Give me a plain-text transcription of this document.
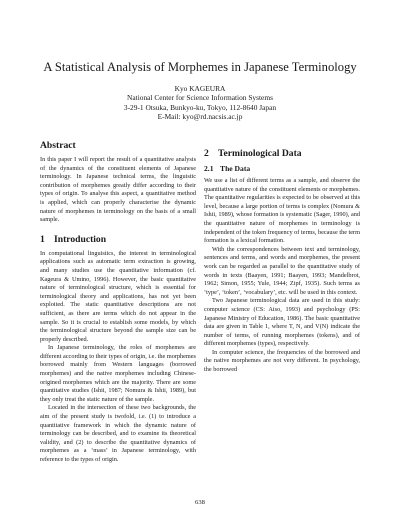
A Statistical Analysis of Morphemes in Japanese Terminology
Kyo KAGEURA
National Center for Science Information Systems
3-29-1 Otsuka, Bunkyo-ku, Tokyo, 112-8640 Japan
E-Mail: kyo@rd.nacsis.ac.jp
Abstract

In this paper I will report the result of a quantitative analysis of the dynamics of the constituent elements of Japanese terminology. In Japanese technical terms, the linguistic contribution of morphemes greatly differ according to their types of origin. To analyse this aspect, a quantitative method is applied, which can properly characterise the dynamic nature of morphemes in terminology on the basis of a small sample.

1 Introduction

In computational linguistics, the interest in terminological applications such as automatic term extraction is growing, and many studies use the quantitative information (cf. Kageura & Umino, 1996). However, the basic quantitative nature of terminological structure, which is essential for terminological theory and applications, has not yet been exploited. The static quantitative descriptions are not sufficient, as there are terms which do not appear in the sample. So it is crucial to establish some models, by which the terminological structure beyond the sample size can be properly described.

In Japanese terminology, the roles of morphemes are different according to their types of origin, i.e. the morphemes borrowed mainly from Western languages (borrowed morphemes) and the native morphemes including Chinese-origined morphemes which are the majority. There are some quantitative studies (Ishii, 1987; Nomura & Ishii, 1989), but they only treat the static nature of the sample.

Located in the intersection of these two backgrounds, the aim of the present study is twofold, i.e. (1) to introduce a quantitative framework in which the dynamic nature of terminology can be described, and to examine its theoretical validity, and (2) to describe the quantitative dynamics of morphemes as a ‘mass’ in Japanese terminology, with reference to the types of origin.

2 Terminological Data
2.1 The Data

We use a list of different terms as a sample, and observe the quantitative nature of the constituent elements or morphemes. The quantitative regularities is expected to be observed at this level, because a large portion of terms is complex (Nomura & Ishii, 1989), whose formation is systematic (Sager, 1990), and the quantitative nature of morphemes in terminology is independent of the token frequency of terms, because the term formation is a lexical formation.

With the correspondences between text and terminology, sentences and terms, and words and morphemes, the present work can be regarded as parallel to the quantitative study of words in texts (Baayen, 1991; Baayen, 1993; Mandelbrot, 1962; Simon, 1955; Yule, 1944; Zipf, 1935). Such terms as ‘type’, ‘token’, ‘vocabulary’, etc. will be used in this context.

Two Japanese terminological data are used in this study: computer science (CS: Aiso, 1993) and psychology (PS: Japanese Ministry of Education, 1986). The basic quantitative data are given in Table 1, where T, N, and V(N) indicate the number of terms, of running morphemes (tokens), and of different morphemes (types), respectively.

In computer science, the frequencies of the borrowed and the native morphemes are not very different. In psychology, the borrowed

638
